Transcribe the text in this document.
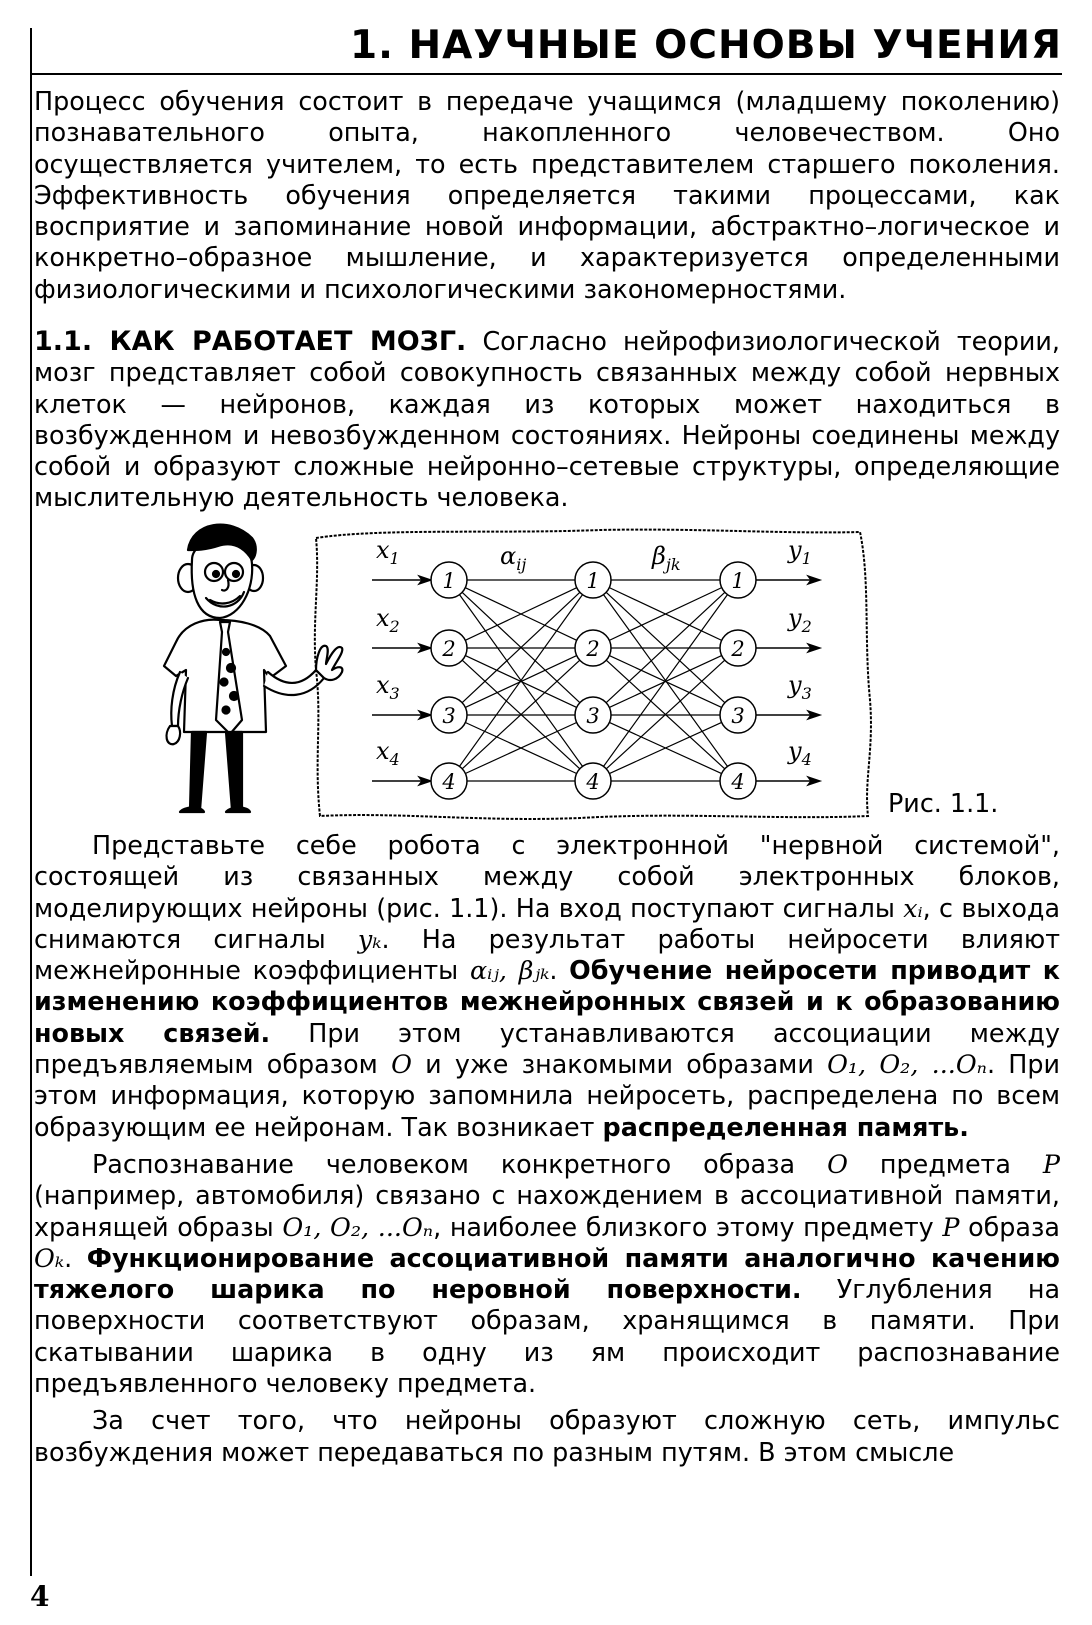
1. НАУЧНЫЕ ОСНОВЫ УЧЕНИЯ

Процесс обучения состоит в передаче учащимся (младшему поколению) познавательного опыта, накопленного человечеством. Оно осуществляется учителем, то есть представителем старшего поколения. Эффективность обучения определяется такими процессами, как восприятие и запоминание новой информации, абстрактно–логическое и конкретно–образное мышление, и характеризуется определенными физиологическими и психологическими закономерностями.

1.1. КАК РАБОТАЕТ МОЗГ. Согласно нейрофизиологической теории, мозг представляет собой совокупность связанных между собой нервных клеток — нейронов, каждая из которых может находиться в возбужденном и невозбужденном состояниях. Нейроны соединены между собой и образуют сложные нейронно–сетевые структуры, определяющие мыслительную деятельность человека.

1
2
3
4
1
2
3
4
1
2
3
4
$\alpha_{ij}$	$\beta_{jk}$
$x_1$
$x_2$
$x_3$
$x_4$
$y_1$
$y_2$
$y_3$
$y_4$
Рис. 1.1.

Представьте себе робота с электронной "нервной системой", состоящей из связанных между собой электронных блоков, моделирующих нейроны (рис. 1.1). На вход поступают сигналы xᵢ, с выхода снимаются сигналы yₖ. На результат работы нейросети влияют межнейронные коэффициенты αᵢⱼ, βⱼₖ. Обучение нейросети приводит к изменению коэффициентов межнейронных связей и к образованию новых связей. При этом устанавливаются ассоциации между предъявляемым образом O и уже знакомыми образами O₁, O₂, ...Oₙ. При этом информация, которую запомнила нейросеть, распределена по всем образующим ее нейронам. Так возникает распределенная память.

Распознавание человеком конкретного образа O предмета P (например, автомобиля) связано с нахождением в ассоциативной памяти, хранящей образы O₁, O₂, ...Oₙ, наиболее близкого этому предмету P образа Oₖ. Функционирование ассоциативной памяти аналогично качению тяжелого шарика по неровной поверхности. Углубления на поверхности соответствуют образам, хранящимся в памяти. При скатывании шарика в одну из ям происходит распознавание предъявленного человеку предмета.

За счет того, что нейроны образуют сложную сеть, импульс возбуждения может передаваться по разным путям. В этом смысле

4
